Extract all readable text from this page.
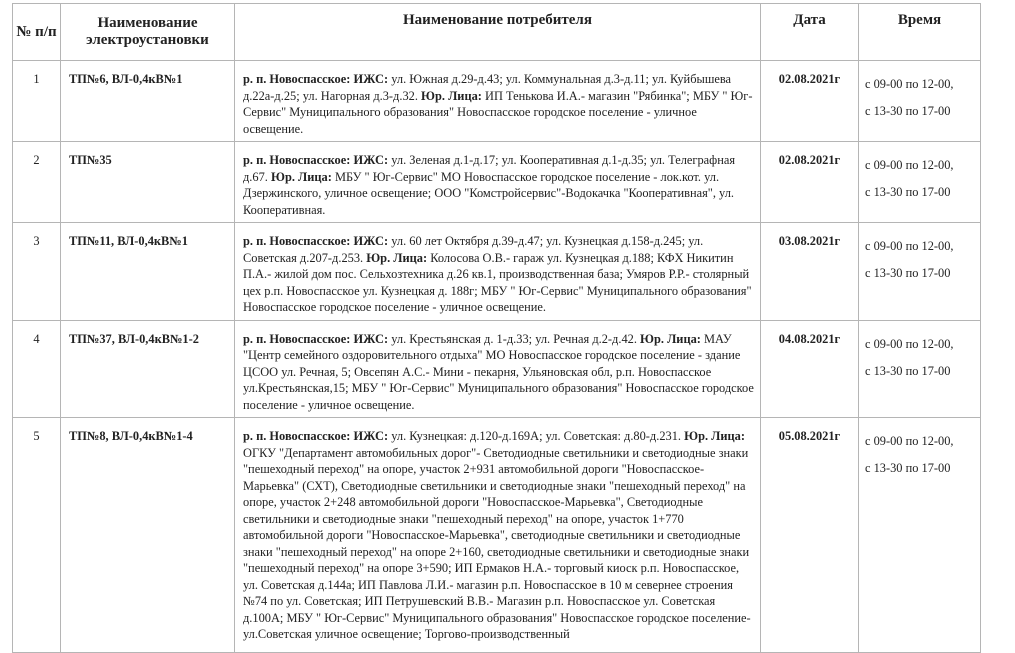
№ п/п	Наименование электроустановки	Наименование потребителя	Дата	Время
1	ТП№6, ВЛ-0,4кВ№1	р. п. Новоспасское: ИЖС: ул. Южная д.29-д.43; ул. Коммунальная д.3-д.11; ул. Куйбышева д.22а-д.25; ул. Нагорная д.3-д.32. Юр. Лица: ИП Тенькова И.А.- магазин "Рябинка"; МБУ " Юг-Сервис" Муниципального образования" Новоспасское городское поселение - уличное освещение.	02.08.2021г	с 09-00 по 12-00,
с 13-30 по 17-00

2	ТП№35	р. п. Новоспасское: ИЖС: ул. Зеленая д.1-д.17; ул. Кооперативная д.1-д.35; ул. Телеграфная д.67. Юр. Лица: МБУ " Юг-Сервис" МО Новоспасское городское поселение - лок.кот. ул. Дзержинского, уличное освещение; ООО "Комстройсервис"-Водокачка "Кооперативная", ул. Кооперативная.	02.08.2021г	с 09-00 по 12-00,
с 13-30 по 17-00

3	ТП№11, ВЛ-0,4кВ№1	р. п. Новоспасское: ИЖС: ул. 60 лет Октября д.39-д.47; ул. Кузнецкая д.158-д.245; ул. Советская д.207-д.253. Юр. Лица: Колосова О.В.- гараж ул. Кузнецкая д.188; КФХ Никитин П.А.- жилой дом пос. Сельхозтехника д.26 кв.1, производственная база; Умяров Р.Р.- столярный цех р.п. Новоспасское ул. Кузнецкая д. 188г; МБУ " Юг-Сервис" Муниципального образования" Новоспасское городское поселение - уличное освещение.	03.08.2021г	с 09-00 по 12-00,
с 13-30 по 17-00

4	ТП№37, ВЛ-0,4кВ№1-2	р. п. Новоспасское: ИЖС: ул. Крестьянская д. 1-д.33; ул. Речная д.2-д.42. Юр. Лица: МАУ "Центр семейного оздоровительного отдыха" МО Новоспасское городское поселение - здание ЦСОО ул. Речная, 5; Овсепян А.С.- Мини - пекарня, Ульяновская обл, р.п. Новоспасское ул.Крестьянская,15; МБУ " Юг-Сервис" Муниципального образования" Новоспасское городское поселение - уличное освещение.	04.08.2021г	с 09-00 по 12-00,
с 13-30 по 17-00

5	ТП№8, ВЛ-0,4кВ№1-4	р. п. Новоспасское: ИЖС: ул. Кузнецкая: д.120-д.169А; ул. Советская: д.80-д.231. Юр. Лица: ОГКУ "Департамент автомобильных дорог"- Светодиодные светильники и светодиодные знаки "пешеходный переход" на опоре, участок 2+931 автомобильной дороги "Новоспасское-Марьевка" (СХТ), Светодиодные светильники и светодиодные знаки "пешеходный переход" на опоре, участок 2+248 автомобильной дороги "Новоспасское-Марьевка", Светодиодные светильники и светодиодные знаки "пешеходный переход" на опоре, участок 1+770 автомобильной дороги "Новоспасское-Марьевка", светодиодные светильники и светодиодные знаки "пешеходный переход" на опоре 2+160, светодиодные светильники и светодиодные знаки "пешеходный переход" на опоре 3+590; ИП Ермаков Н.А.- торговый киоск р.п. Новоспасское, ул. Советская д.144а; ИП Павлова Л.И.- магазин р.п. Новоспасское в 10 м севернее строения №74 по ул. Советская; ИП Петрушевский В.В.- Магазин р.п. Новоспасское ул. Советская д.100А; МБУ " Юг-Сервис" Муниципального образования" Новоспасское городское поселение- ул.Советская уличное освещение; Торгово-производственный	05.08.2021г	с 09-00 по 12-00,
с 13-30 по 17-00
